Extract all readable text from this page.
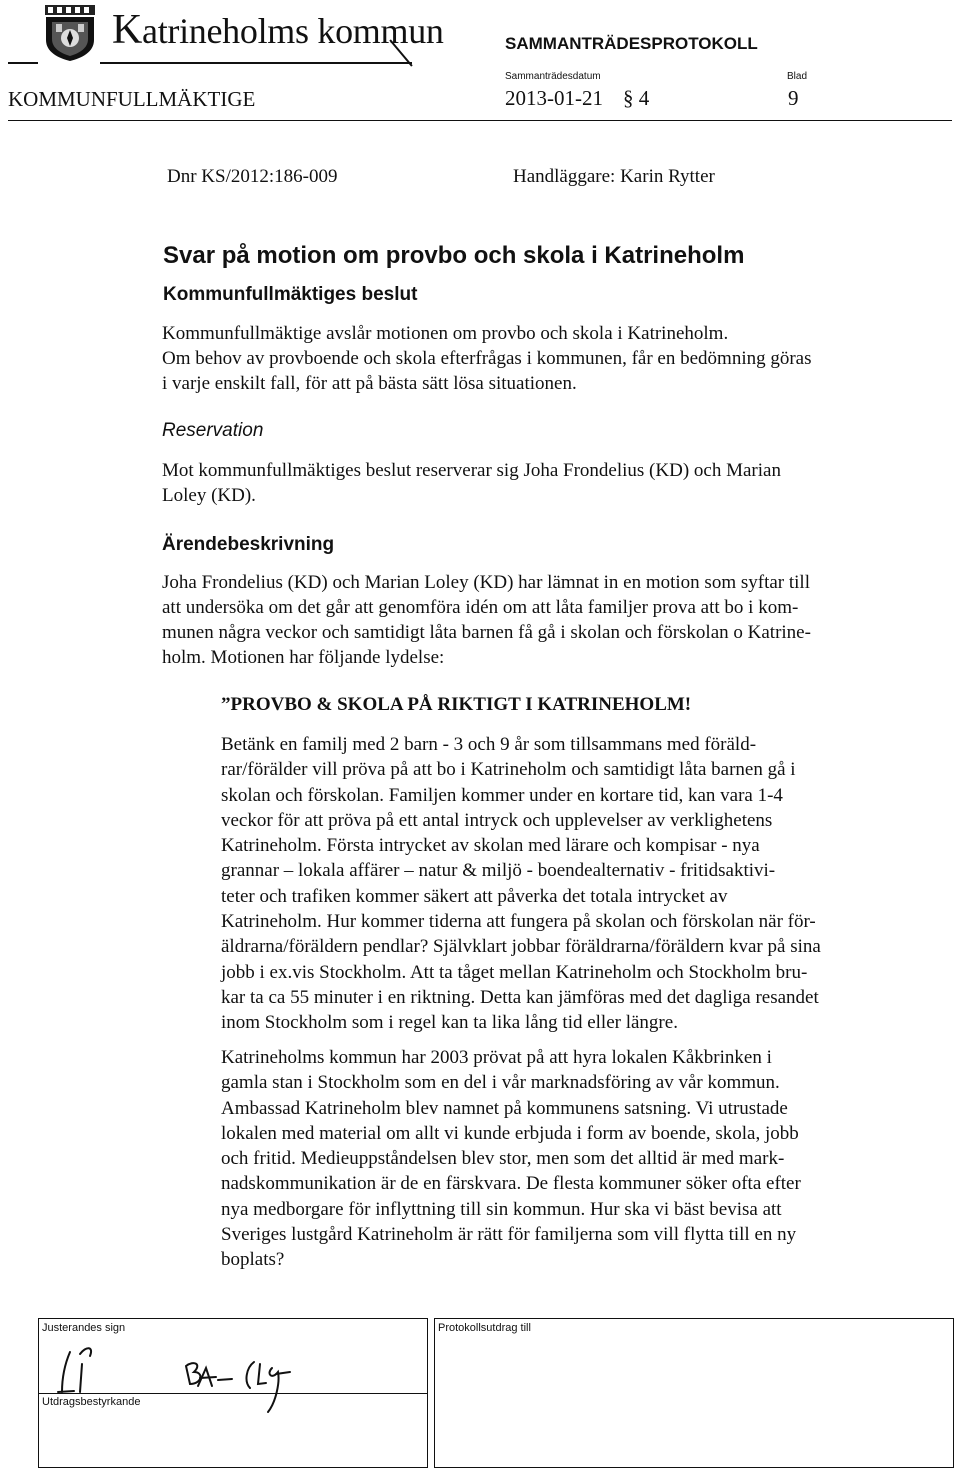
Katrineholms kommun	SAMMANTRÄDESPROTOKOLL
KOMMUNFULLMÄKTIGE
Sammanträdesdatum
2013-01-21 § 4
Blad
9
Dnr KS/2012:186-009	Handläggare: Karin Rytter
Svar på motion om provbo och skola i Katrineholm
Kommunfullmäktiges beslut
Kommunfullmäktige avslår motionen om provbo och skola i Katrineholm.
Om behov av provboende och skola efterfrågas i kommunen, får en bedömning göras
i varje enskilt fall, för att på bästa sätt lösa situationen.
Reservation
Mot kommunfullmäktiges beslut reserverar sig Joha Frondelius (KD) och Marian
Loley (KD).
Ärendebeskrivning
Joha Frondelius (KD) och Marian Loley (KD) har lämnat in en motion som syftar till
att undersöka om det går att genomföra idén om att låta familjer prova att bo i kom-
munen några veckor och samtidigt låta barnen få gå i skolan och förskolan o Katrine-
holm. Motionen har följande lydelse:
”PROVBO & SKOLA PÅ RIKTIGT I KATRINEHOLM!
Betänk en familj med 2 barn - 3 och 9 år som tillsammans med föräld-
rar/förälder vill pröva på att bo i Katrineholm och samtidigt låta barnen gå i
skolan och förskolan. Familjen kommer under en kortare tid, kan vara 1-4
veckor för att pröva på ett antal intryck och upplevelser av verklighetens
Katrineholm. Första intrycket av skolan med lärare och kompisar - nya
grannar – lokala affärer – natur & miljö - boendealternativ - fritidsaktivi-
teter och trafiken kommer säkert att påverka det totala intrycket av
Katrineholm. Hur kommer tiderna att fungera på skolan och förskolan när för-
äldrarna/föräldern pendlar? Självklart jobbar föräldrarna/föräldern kvar på sina
jobb i ex.vis Stockholm. Att ta tåget mellan Katrineholm och Stockholm bru-
kar ta ca 55 minuter i en riktning. Detta kan jämföras med det dagliga resandet
inom Stockholm som i regel kan ta lika lång tid eller längre.
Katrineholms kommun har 2003 prövat på att hyra lokalen Kåkbrinken i
gamla stan i Stockholm som en del i vår marknadsföring av vår kommun.
Ambassad Katrineholm blev namnet på kommunens satsning. Vi utrustade
lokalen med material om allt vi kunde erbjuda i form av boende, skola, jobb
och fritid. Medieuppståndelsen blev stor, men som det alltid är med mark-
nadskommunikation är de en färskvara. De flesta kommuner söker ofta efter
nya medborgare för inflyttning till sin kommun. Hur ska vi bäst bevisa att
Sveriges lustgård Katrineholm är rätt för familjerna som vill flytta till en ny
boplats?
Justerandes sign
Utdragsbestyrkande
Protokollsutdrag till
